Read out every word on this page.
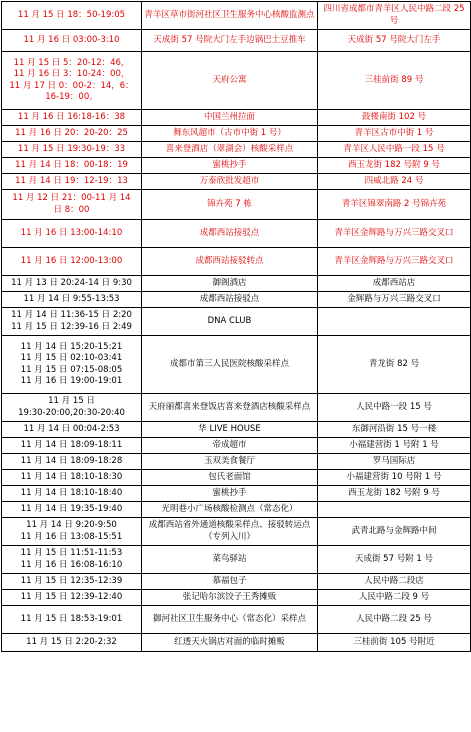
11 月 15 日 18：50-19:05	青羊区草市街河社区卫生服务中心核酸监测点	四川省成都市青羊区人民中路二段 25 号
11 月 16 日 03:00-3:10	天成街 57 号院大门左手边锅巴土豆推车	天成街 57 号院大门左手
11 月 15 日 5：20-12：46，
11 月 16 日 3：10-24：00，
11 月 17 日 0：00-2：14，6：
16-19：00。	天府公寓	三桂前街 89 号
11 月 16 日 16:18-16：38	中国兰州拉面	鼓楼南街 102 号
11 月 16 日 20：20-20：25	舞东风超市（古市中街 1 号）	青羊区古市中街 1 号
11 月 15 日 19:30-19：33	喜来登酒店（翠湖会）核酸采样点	青羊区人民中路一段 15 号
11 月 14 日 18：00-18：19	蜜桃抄手	西玉龙街 182 号附 9 号
11 月 14 日 19：12-19：13	万泰欣批发超市	四威北路 24 号
11 月 12 日 21：00-11 月 14
日 8：00	锦卉苑 7 栋	青羊区锦翠南路 2 号锦卉苑
11 月 16 日 13:00-14:10	成都西站接驳点	青羊区金辉路与万兴三路交叉口
11 月 16 日 12:00-13:00	成都西站接驳转点	青羊区金辉路与万兴三路交叉口
11 月 13 日 20:24-14 日 9:30	御阁酒店	成都西站店
11 月 14 日 9:55-13:53	成都西站接驳点	金辉路与万兴三路交叉口
11 月 14 日 11:36-15 日 2:20
11 月 15 日 12:39-16 日 2:49	DNA CLUB	
11 月 14 日 15:20-15:21
11 月 15 日 02:10-03:41
11 月 15 日 07:15-08:05
11 月 16 日 19:00-19:01	成都市第三人民医院核酸采样点	青龙街 82 号
11 月 15 日
19:30-20:00,20:30-20:40	天府丽都喜来登饭店喜来登酒店核酸采样点	人民中路一段 15 号
11 月 14 日 00:04-2:53	华 LIVE HOUSE	东御河沿街 15 号一楼
11 月 14 日 18:09-18:11	帝成超市	小福建营街 1 号附 1 号
11 月 14 日 18:09-18:28	玉双美食餐厅	罗马国际店
11 月 14 日 18:10-18:30	包氏老面馆	小福建营街 10 号附 1 号
11 月 14 日 18:10-18:40	蜜桃抄手	西玉龙街 182 号附 9 号
11 月 14 日 19:35-19:40	光明巷小广场核酸检测点（常态化）	
11 月 14 日 9:20-9:50
11 月 16 日 13:08-15:51	成都西站省外通道核酸采样点、接驳转运点（专列入川）	武青北路与金辉路中间
11 月 15 日 11:51-11:53
11 月 16 日 16:08-16:10	菜鸟驿站	天成街 57 号附 1 号
11 月 15 日 12:35-12:39	慕福包子	人民中路二段店
11 月 15 日 12:39-12:40	张记哈尔滨饺子王秀摊贩	人民中路二段 9 号
11 月 15 日 18:53-19:01	御河社区卫生服务中心（常态化）采样点	人民中路二段 25 号
11 月 15 日 2:20-2:32	红透天火锅店对面的临时摊贩	三桂前街 105 号附近
